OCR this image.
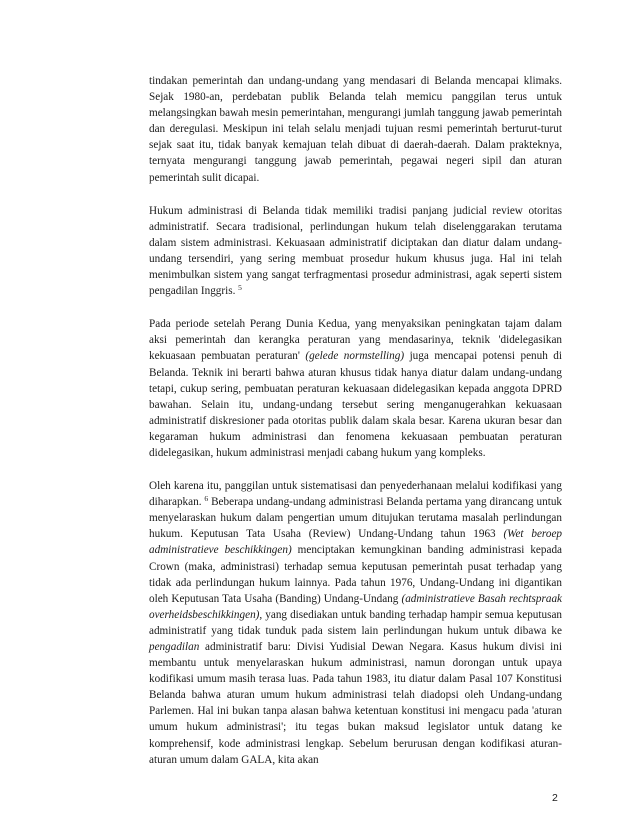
tindakan pemerintah dan undang-undang yang mendasari di Belanda mencapai klimaks. Sejak 1980-an, perdebatan publik Belanda telah memicu panggilan terus untuk melangsingkan bawah mesin pemerintahan, mengurangi jumlah tanggung jawab pemerintah dan deregulasi. Meskipun ini telah selalu menjadi tujuan resmi pemerintah berturut-turut sejak saat itu, tidak banyak kemajuan telah dibuat di daerah-daerah. Dalam prakteknya, ternyata mengurangi tanggung jawab pemerintah, pegawai negeri sipil dan aturan pemerintah sulit dicapai.

Hukum administrasi di Belanda tidak memiliki tradisi panjang judicial review otoritas administratif. Secara tradisional, perlindungan hukum telah diselenggarakan terutama dalam sistem administrasi. Kekuasaan administratif diciptakan dan diatur dalam undang-undang tersendiri, yang sering membuat prosedur hukum khusus juga. Hal ini telah menimbulkan sistem yang sangat terfragmentasi prosedur administrasi, agak seperti sistem pengadilan Inggris. $^5$

Pada periode setelah Perang Dunia Kedua, yang menyaksikan peningkatan tajam dalam aksi pemerintah dan kerangka peraturan yang mendasarinya, teknik 'didelegasikan kekuasaan pembuatan peraturan' (gelede normstelling) juga mencapai potensi penuh di Belanda. Teknik ini berarti bahwa aturan khusus tidak hanya diatur dalam undang-undang tetapi, cukup sering, pembuatan peraturan kekuasaan didelegasikan kepada anggota DPRD bawahan. Selain itu, undang-undang tersebut sering menganugerahkan kekuasaan administratif diskresioner pada otoritas publik dalam skala besar. Karena ukuran besar dan kegaraman hukum administrasi dan fenomena kekuasaan pembuatan peraturan didelegasikan, hukum administrasi menjadi cabang hukum yang kompleks.

Oleh karena itu, panggilan untuk sistematisasi dan penyederhanaan melalui kodifikasi yang diharapkan. $^6$ Beberapa undang-undang administrasi Belanda pertama yang dirancang untuk menyelaraskan hukum dalam pengertian umum ditujukan terutama masalah perlindungan hukum. Keputusan Tata Usaha (Review) Undang-Undang tahun 1963 (Wet beroep administratieve beschikkingen) menciptakan kemungkinan banding administrasi kepada Crown (maka, administrasi) terhadap semua keputusan pemerintah pusat terhadap yang tidak ada perlindungan hukum lainnya. Pada tahun 1976, Undang-Undang ini digantikan oleh Keputusan Tata Usaha (Banding) Undang-Undang (administratieve Basah rechtspraak overheidsbeschikkingen), yang disediakan untuk banding terhadap hampir semua keputusan administratif yang tidak tunduk pada sistem lain perlindungan hukum untuk dibawa ke pengadilan administratif baru: Divisi Yudisial Dewan Negara. Kasus hukum divisi ini membantu untuk menyelaraskan hukum administrasi, namun dorongan untuk upaya kodifikasi umum masih terasa luas. Pada tahun 1983, itu diatur dalam Pasal 107 Konstitusi Belanda bahwa aturan umum hukum administrasi telah diadopsi oleh Undang-undang Parlemen. Hal ini bukan tanpa alasan bahwa ketentuan konstitusi ini mengacu pada 'aturan umum hukum administrasi'; itu tegas bukan maksud legislator untuk datang ke komprehensif, kode administrasi lengkap. Sebelum berurusan dengan kodifikasi aturan-aturan umum dalam GALA, kita akan

2
